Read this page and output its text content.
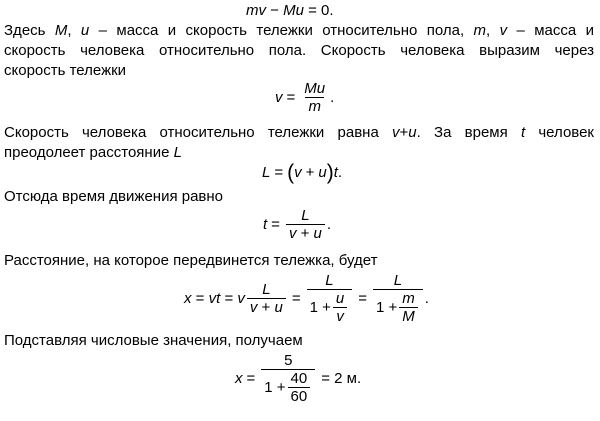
mv − Mu = 0.
Здесь M, u – масса и скорость тележки относительно пола, m, v – масса и
скорость человека относительно пола. Скорость человека выразим через
скорость тележки
$v = \frac{Mu}{m}$ .
Скорость человека относительно тележки равна v+u. За время t человек
преодолеет расстояние L
L = ( v + u ) t .
Отсюда время движения равно
$t = \frac{L}{v + u}$ .
Расстояние, на которое передвинется тележка, будет
x = vt = v $\frac{L}{v + u} = \frac{L}{1 + \frac{u}{v}} = \frac{L}{1 + \frac{m}{M}}$ .
Подставляя числовые значения, получаем
$x = \frac{5}{1 + \frac{40}{60}} = 2$ м.
